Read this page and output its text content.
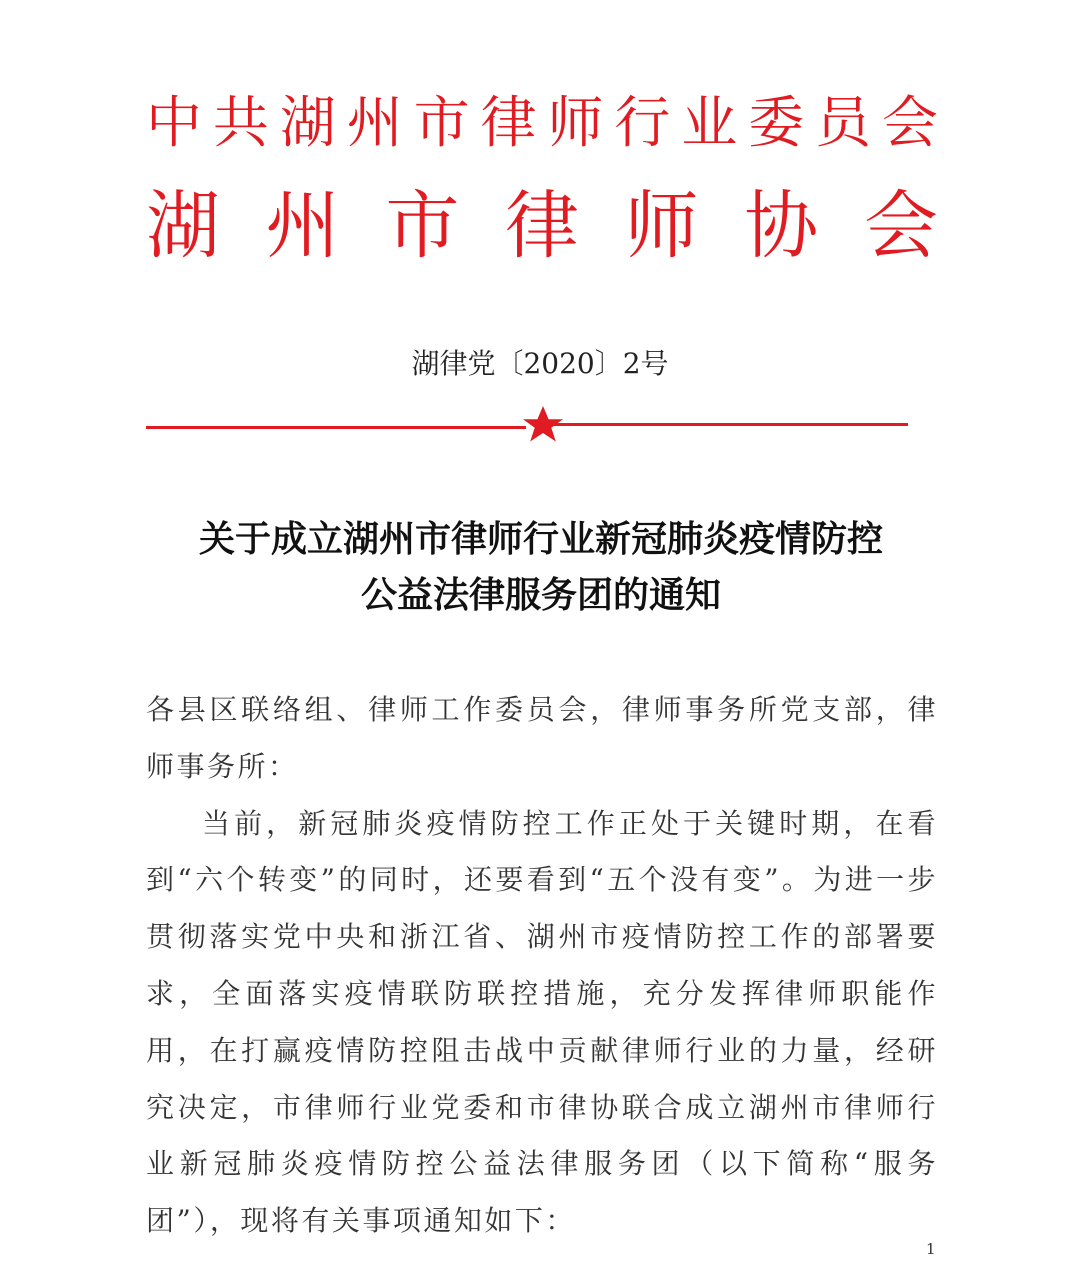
中 共 湖 州 市 律 师 行 业 委 员 会
湖 州 市 律 师 协 会
湖律党〔2020〕2号
关于成立湖州市律师行业新冠肺炎疫情防控
公益法律服务团的通知

各县区联络组、律师工作委员会，律师事务所党支部，律师事务所：

当前，新冠肺炎疫情防控工作正处于关键时期，在看到“六个转变”的同时，还要看到“五个没有变”。为进一步贯彻落实党中央和浙江省、湖州市疫情防控工作的部署要求，全面落实疫情联防联控措施，充分发挥律师职能作用，在打赢疫情防控阻击战中贡献律师行业的力量，经研究决定，市律师行业党委和市律协联合成立湖州市律师行业新冠肺炎疫情防控公益法律服务团（以下简称“服务团”），现将有关事项通知如下：

1
